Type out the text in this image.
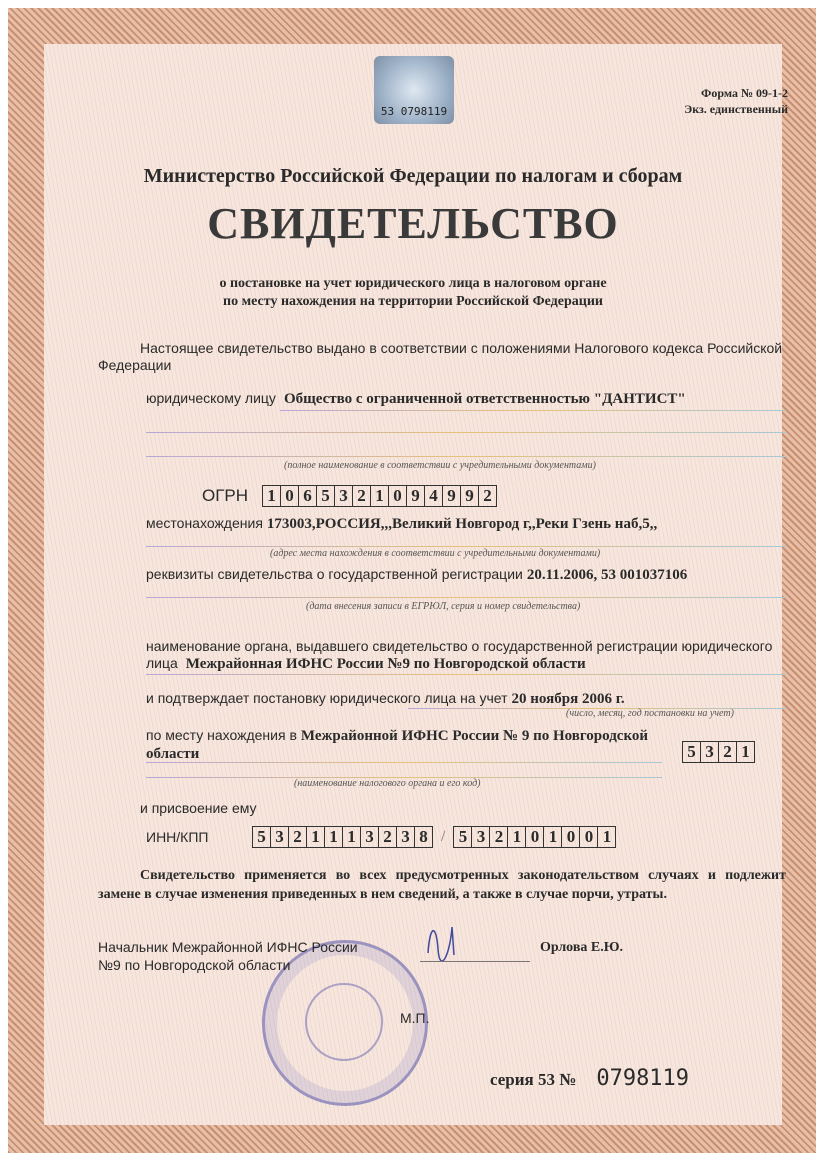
53 0798119
Форма № 09-1-2
Экз. единственный
Министерство Российской Федерации по налогам и сборам
СВИДЕТЕЛЬСТВО
о постановке на учет юридического лица в налоговом органе
по месту нахождения на территории Российской Федерации
Настоящее свидетельство выдано в соответствии с положениями Налогового кодекса Российской
Федерации
юридическому лицу Общество с ограниченной ответственностью "ДАНТИСТ"
(полное наименование в соответствии с учредительными документами)
ОГРН 1 0 6 5 3 2 1 0 9 4 9 9 2
местонахождения 173003,РОССИЯ,,,Великий Новгород г,,Реки Гзень наб,5,,
(адрес места нахождения в соответствии с учредительными документами)
реквизиты свидетельства о государственной регистрации 20.11.2006, 53 001037106
(дата внесения записи в ЕГРЮЛ, серия и номер свидетельства)
наименование органа, выдавшего свидетельство о государственной регистрации юридического
лица Межрайонная ИФНС России №9 по Новгородской области
и подтверждает постановку юридического лица на учет 20 ноября 2006 г.
(число, месяц, год постановки на учет)
по месту нахождения в Межрайонной ИФНС России № 9 по Новгородской
области	5 3 2 1
(наименование налогового органа и его код)
и присвоение ему
ИНН/КПП	5 3 2 1 1 1 3 2 3 8 / 5 3 2 1 0 1 0 0 1
Свидетельство применяется во всех предусмотренных законодательством случаях и подлежит замене в случае изменения приведенных в нем сведений, а также в случае порчи, утраты.
Начальник Межрайонной ИФНС России
№9 по Новгородской области
Орлова Е.Ю.
М.П.
серия 53 № 0798119
